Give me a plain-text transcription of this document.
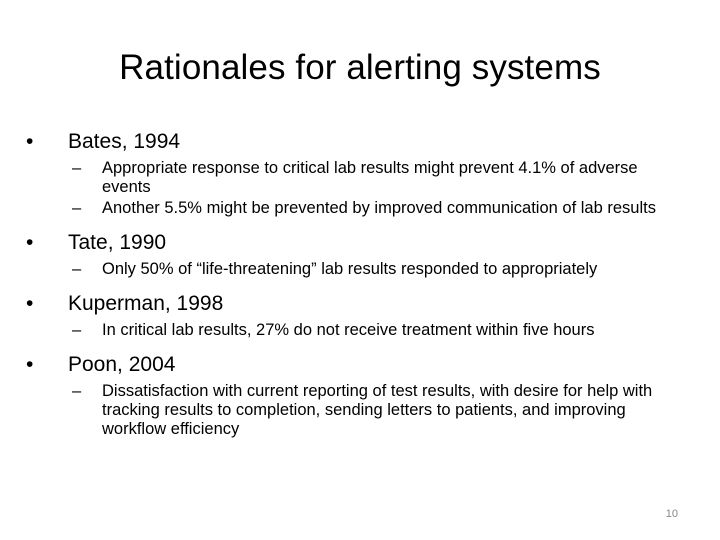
Rationales for alerting systems
• Bates, 1994
– Appropriate response to critical lab results might prevent 4.1% of adverse events
– Another 5.5% might be prevented by improved communication of lab results
• Tate, 1990
– Only 50% of “life-threatening” lab results responded to appropriately
• Kuperman, 1998
– In critical lab results, 27% do not receive treatment within five hours
• Poon, 2004
– Dissatisfaction with current reporting of test results, with desire for help with tracking results to completion, sending letters to patients, and improving workflow efficiency
10
